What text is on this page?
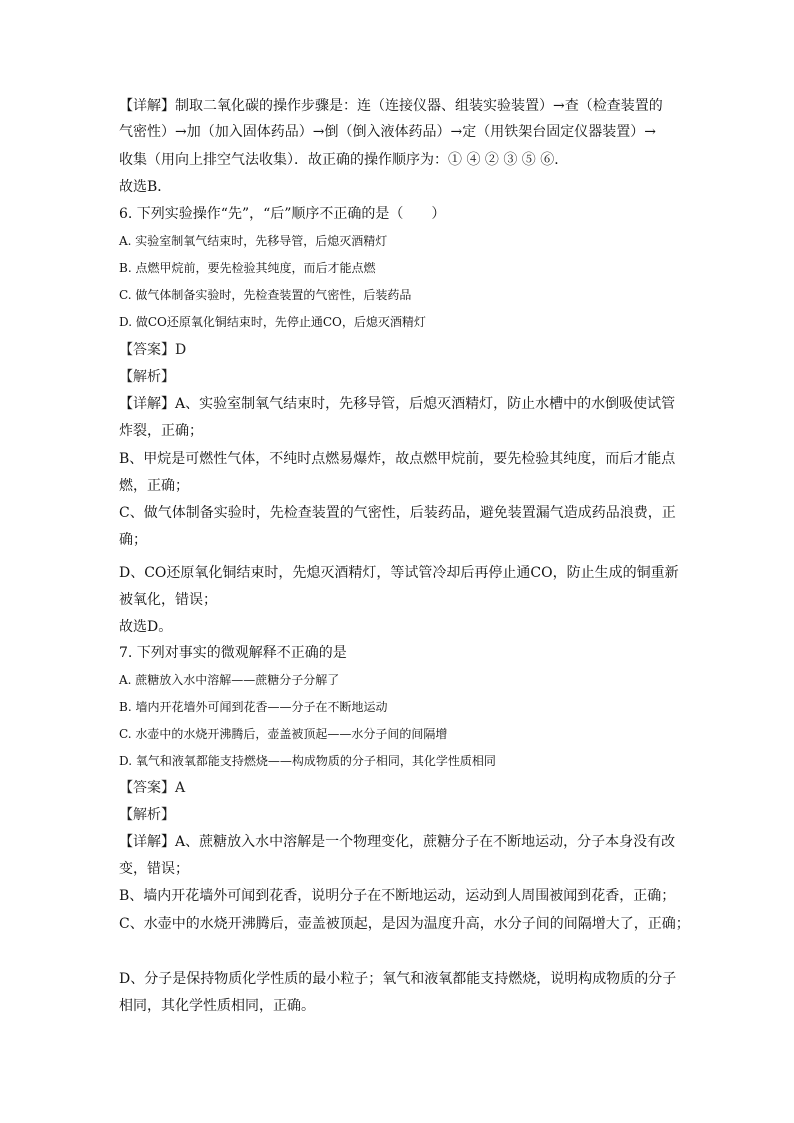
【详解】制取二氧化碳的操作步骤是：连（连接仪器、组装实验装置）→查（检查装置的
气密性）→加（加入固体药品）→倒（倒入液体药品）→定（用铁架台固定仪器装置）→
收集（用向上排空气法收集）．故正确的操作顺序为：① ④ ② ③ ⑤ ⑥．
故选B．
6. 下列实验操作“先”，“后”顺序不正确的是（　　）
A. 实验室制氧气结束时，先移导管，后熄灭酒精灯
B. 点燃甲烷前，要先检验其纯度，而后才能点燃
C. 做气体制备实验时，先检查装置的气密性，后装药品
D. 做CO还原氧化铜结束时，先停止通CO，后熄灭酒精灯
【答案】D
【解析】
【详解】A、实验室制氧气结束时，先移导管，后熄灭酒精灯，防止水槽中的水倒吸使试管
炸裂，正确；
B、甲烷是可燃性气体，不纯时点燃易爆炸，故点燃甲烷前，要先检验其纯度，而后才能点
燃，正确；
C、做气体制备实验时，先检查装置的气密性，后装药品，避免装置漏气造成药品浪费，正
确；
D、CO还原氧化铜结束时，先熄灭酒精灯，等试管冷却后再停止通CO，防止生成的铜重新
被氧化，错误；
故选D。
7. 下列对事实的微观解释不正确的是
A. 蔗糖放入水中溶解——蔗糖分子分解了
B. 墙内开花墙外可闻到花香——分子在不断地运动
C. 水壶中的水烧开沸腾后，壶盖被顶起——水分子间的间隔增
D. 氧气和液氧都能支持燃烧——构成物质的分子相同，其化学性质相同
【答案】A
【解析】
【详解】A、蔗糖放入水中溶解是一个物理变化，蔗糖分子在不断地运动，分子本身没有改
变，错误；
B、墙内开花墙外可闻到花香，说明分子在不断地运动，运动到人周围被闻到花香，正确；
C、水壶中的水烧开沸腾后，壶盖被顶起，是因为温度升高，水分子间的间隔增大了，正确；
D、分子是保持物质化学性质的最小粒子；氧气和液氧都能支持燃烧，说明构成物质的分子
相同，其化学性质相同，正确。
